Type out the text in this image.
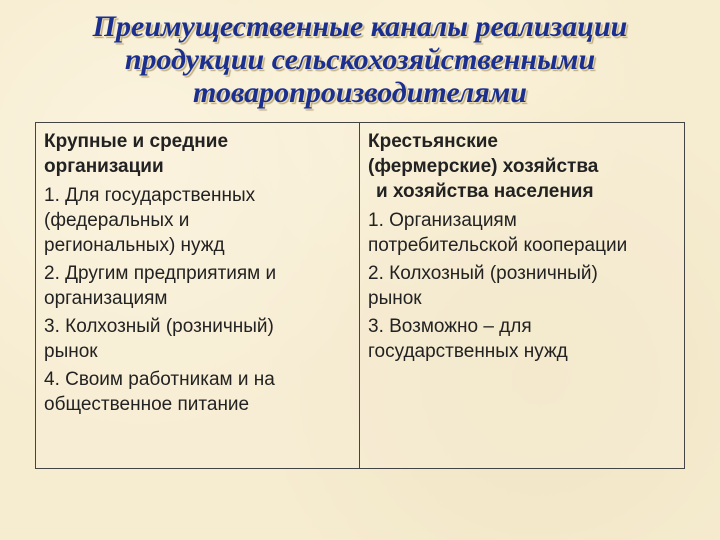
Преимущественные каналы реализации
продукции сельскохозяйственными
товаропроизводителями
Крупные и средние
организации
1. Для государственных
(федеральных и
региональных) нужд
2. Другим предприятиям и
организациям
3. Колхозный (розничный)
рынок
4. Своим работникам и на
общественное питание
Крестьянские
(фермерские) хозяйства
и хозяйства населения
1. Организациям
потребительской кооперации
2. Колхозный (розничный)
рынок
3. Возможно – для
государственных нужд
